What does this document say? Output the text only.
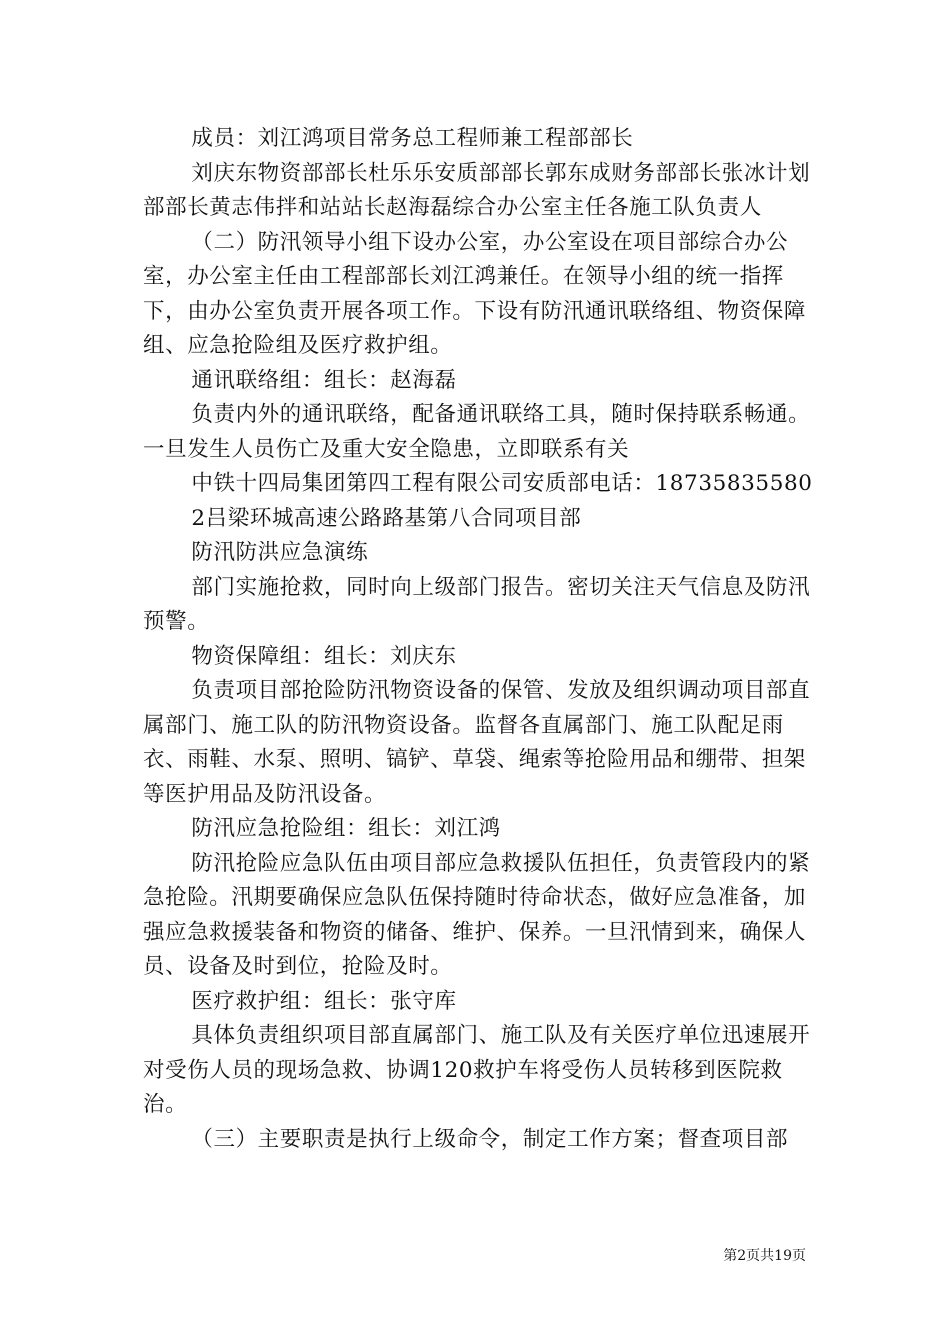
成员：刘江鸿项目常务总工程师兼工程部部长

刘庆东物资部部长杜乐乐安质部部长郭东成财务部部长张冰计划部部长黄志伟拌和站站长赵海磊综合办公室主任各施工队负责人

（二）防汛领导小组下设办公室，办公室设在项目部综合办公室，办公室主任由工程部部长刘江鸿兼任。在领导小组的统一指挥下，由办公室负责开展各项工作。下设有防汛通讯联络组、物资保障组、应急抢险组及医疗救护组。

通讯联络组：组长：赵海磊

负责内外的通讯联络，配备通讯联络工具，随时保持联系畅通。一旦发生人员伤亡及重大安全隐患，立即联系有关

中铁十四局集团第四工程有限公司安质部电话：18735835580

2吕梁环城高速公路路基第八合同项目部

防汛防洪应急演练

部门实施抢救，同时向上级部门报告。密切关注天气信息及防汛预警。

物资保障组：组长：刘庆东

负责项目部抢险防汛物资设备的保管、发放及组织调动项目部直属部门、施工队的防汛物资设备。监督各直属部门、施工队配足雨衣、雨鞋、水泵、照明、镐铲、草袋、绳索等抢险用品和绷带、担架等医护用品及防汛设备。

防汛应急抢险组：组长：刘江鸿

防汛抢险应急队伍由项目部应急救援队伍担任，负责管段内的紧急抢险。汛期要确保应急队伍保持随时待命状态，做好应急准备，加强应急救援装备和物资的储备、维护、保养。一旦汛情到来，确保人员、设备及时到位，抢险及时。

医疗救护组：组长：张守库

具体负责组织项目部直属部门、施工队及有关医疗单位迅速展开对受伤人员的现场急救、协调120救护车将受伤人员转移到医院救治。

（三）主要职责是执行上级命令，制定工作方案；督查项目部

第2页共19页
